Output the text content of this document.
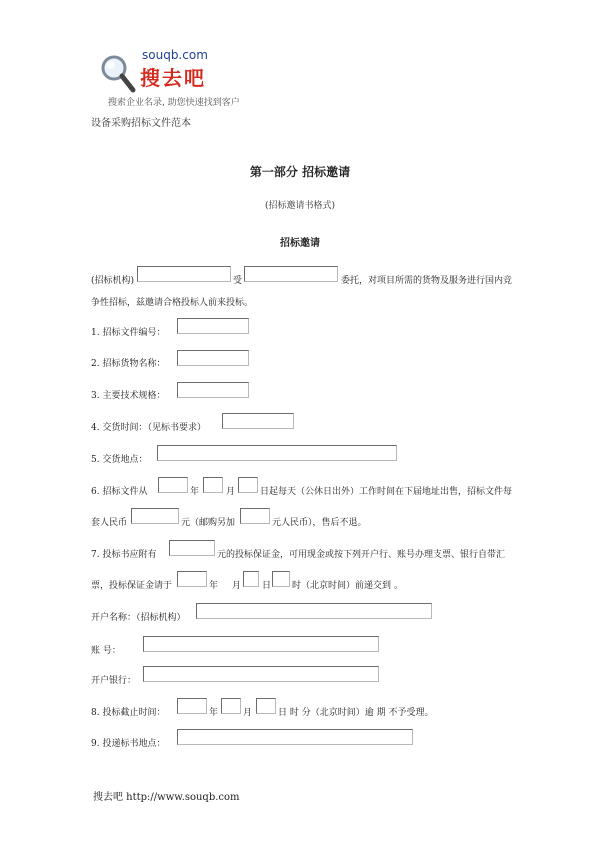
souqb.com
搜去吧
搜索企业名录, 助您快速找到客户
设备采购招标文件范本
第一部分 招标邀请
(招标邀请书格式)
招标邀请
(招标机构)	受	委托，对项目所需的货物及服务进行国内竞
争性招标，兹邀请合格投标人前来投标。
1. 招标文件编号：
2. 招标货物名称：
3. 主要技术规格：
4. 交货时间：（见标书要求）
5. 交货地点：
6. 招标文件从	年	月	日起每天（公休日出外）工作时间在下届地址出售，招标文件每
套人民币	元（邮购另加	元人民币），售后不退。
7. 投标书应附有	元的投标保证金，可用现金或按下列开户行、账号办理支票、银行自带汇
票，投标保证金请于	年 月 日 时（北京时间）前递交到 。
开户名称：（招标机构）
账 号：
开户银行：
8. 投标截止时间：	年	月	日 时 分（北京时间）逾 期 不予受理。
9. 投递标书地点：
搜去吧 http://www.souqb.com
